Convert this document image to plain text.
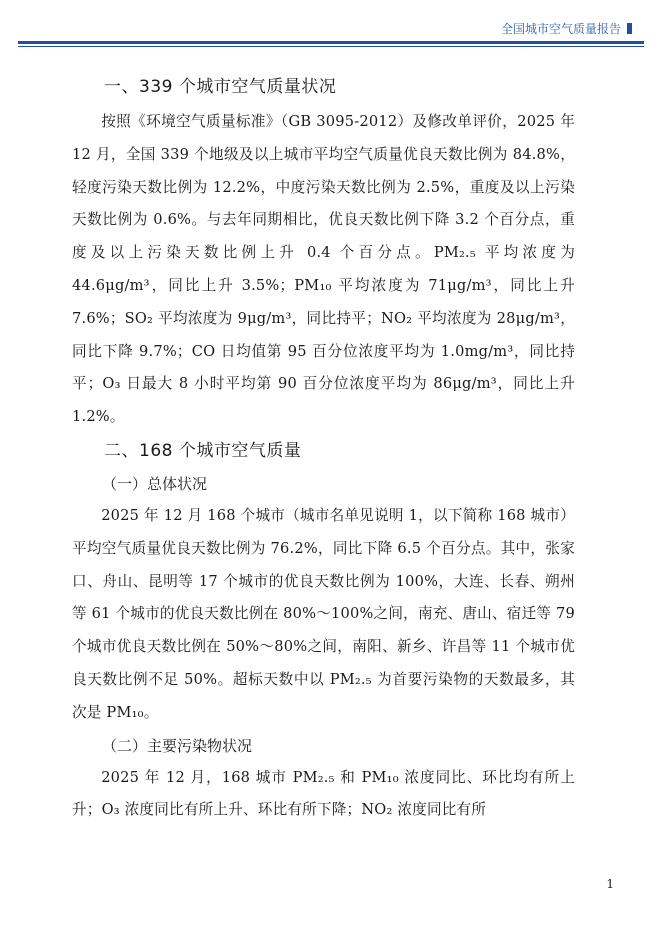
全国城市空气质量报告
一、339 个城市空气质量状况

按照《环境空气质量标准》（GB 3095-2012）及修改单评价，2025 年 12 月，全国 339 个地级及以上城市平均空气质量优良天数比例为 84.8%，轻度污染天数比例为 12.2%，中度污染天数比例为 2.5%，重度及以上污染天数比例为 0.6%。与去年同期相比，优良天数比例下降 3.2 个百分点，重度及以上污染天数比例上升 0.4 个百分点。PM₂.₅ 平均浓度为 44.6μg/m³，同比上升 3.5%；PM₁₀ 平均浓度为 71μg/m³，同比上升 7.6%；SO₂ 平均浓度为 9μg/m³，同比持平；NO₂ 平均浓度为 28μg/m³，同比下降 9.7%；CO 日均值第 95 百分位浓度平均为 1.0mg/m³，同比持平；O₃ 日最大 8 小时平均第 90 百分位浓度平均为 86μg/m³，同比上升 1.2%。

二、168 个城市空气质量
（一）总体状况

2025 年 12 月 168 个城市（城市名单见说明 1，以下简称 168 城市）平均空气质量优良天数比例为 76.2%，同比下降 6.5 个百分点。其中，张家口、舟山、昆明等 17 个城市的优良天数比例为 100%，大连、长春、朔州等 61 个城市的优良天数比例在 80%～100%之间，南充、唐山、宿迁等 79 个城市优良天数比例在 50%～80%之间，南阳、新乡、许昌等 11 个城市优良天数比例不足 50%。超标天数中以 PM₂.₅ 为首要污染物的天数最多，其次是 PM₁₀。

（二）主要污染物状况

2025 年 12 月，168 城市 PM₂.₅ 和 PM₁₀ 浓度同比、环比均有所上升；O₃ 浓度同比有所上升、环比有所下降；NO₂ 浓度同比有所

1
